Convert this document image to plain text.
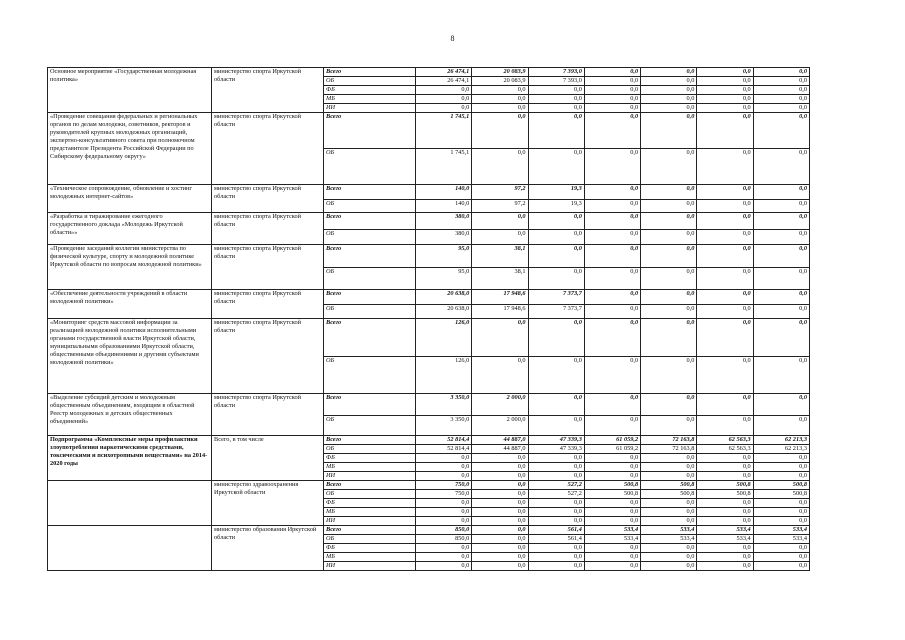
8
Основное мероприятие «Государственная молодежная политика»	министерство спорта Иркутской области	Всего	26 474,1	20 083,9	7 393,0	0,0	0,0	0,0	0,0
		ОБ	26 474,1	20 083,9	7 393,0	0,0	0,0	0,0	0,0
		ФБ	0,0	0,0	0,0	0,0	0,0	0,0	0,0
		МБ	0,0	0,0	0,0	0,0	0,0	0,0	0,0
		ИИ	0,0	0,0	0,0	0,0	0,0	0,0	0,0
«Проведение совещания федеральных и региональных органов по делам молодежи, советников, ректоров и руководителей крупных молодежных организаций, экспертно-консультативного совета при полномочном представителе Президента Российской Федерации по Сибирскому федеральному округу»	министерство спорта Иркутской области	Всего	1 745,1	0,0	0,0	0,0	0,0	0,0	0,0
		ОБ	1 745,1	0,0	0,0	0,0	0,0	0,0	0,0
«Техническое сопровождение, обновление и хостинг молодежных интернет-сайтов»	министерство спорта Иркутской области	Всего	140,0	97,2	19,3	0,0	0,0	0,0	0,0
		ОБ	140,0	97,2	19,3	0,0	0,0	0,0	0,0
«Разработка и тиражирование ежегодного государственного доклада «Молодежь Иркутской области»»	министерство спорта Иркутской области	Всего	380,0	0,0	0,0	0,0	0,0	0,0	0,0
		ОБ	380,0	0,0	0,0	0,0	0,0	0,0	0,0
«Проведение заседаний коллегии министерства по физической культуре, спорту и молодежной политике Иркутской области по вопросам молодежной политики»	министерство спорта Иркутской области	Всего	95,0	38,1	0,0	0,0	0,0	0,0	0,0
		ОБ	95,0	38,1	0,0	0,0	0,0	0,0	0,0
«Обеспечение деятельности учреждений в области молодежной политики»	министерство спорта Иркутской области	Всего	20 638,0	17 948,6	7 373,7	0,0	0,0	0,0	0,0
		ОБ	20 638,0	17 948,6	7 373,7	0,0	0,0	0,0	0,0
«Мониторинг средств массовой информации за реализацией молодежной политики исполнительными органами государственной власти Иркутской области, муниципальными образованиями Иркутской области, общественными объединениями и другими субъектами молодежной политики»	министерство спорта Иркутской области	Всего	126,0	0,0	0,0	0,0	0,0	0,0	0,0
		ОБ	126,0	0,0	0,0	0,0	0,0	0,0	0,0
«Выделение субсидий детским и молодежным общественным объединениям, входящим в областной Реестр молодежных и детских общественных объединений»	министерство спорта Иркутской области	Всего	3 350,0	2 000,0	0,0	0,0	0,0	0,0	0,0
		ОБ	3 350,0	2 000,0	0,0	0,0	0,0	0,0	0,0
Подпрограмма «Комплексные меры профилактики злоупотребления наркотическими средствами, токсическими и психотропными веществами» на 2014-2020 годы	Всего, в том числе	Всего	52 814,4	44 887,0	47 339,3	61 059,2	72 163,8	62 563,3	62 213,3
		ОБ	52 814,4	44 887,0	47 339,3	61 059,2	72 163,8	62 563,3	62 213,3
		ФБ	0,0	0,0	0,0	0,0	0,0	0,0	0,0
		МБ	0,0	0,0	0,0	0,0	0,0	0,0	0,0
		ИИ	0,0	0,0	0,0	0,0	0,0	0,0	0,0
	министерство здравоохранения Иркутской области	Всего	750,0	0,0	527,2	500,8	500,8	500,8	500,8
		ОБ	750,0	0,0	527,2	500,8	500,8	500,8	500,8
		ФБ	0,0	0,0	0,0	0,0	0,0	0,0	0,0
		МБ	0,0	0,0	0,0	0,0	0,0	0,0	0,0
		ИИ	0,0	0,0	0,0	0,0	0,0	0,0	0,0
	министерство образования Иркутской области	Всего	850,0	0,0	561,4	533,4	533,4	533,4	533,4
		ОБ	850,0	0,0	561,4	533,4	533,4	533,4	533,4
		ФБ	0,0	0,0	0,0	0,0	0,0	0,0	0,0
		МБ	0,0	0,0	0,0	0,0	0,0	0,0	0,0
		ИИ	0,0	0,0	0,0	0,0	0,0	0,0	0,0
